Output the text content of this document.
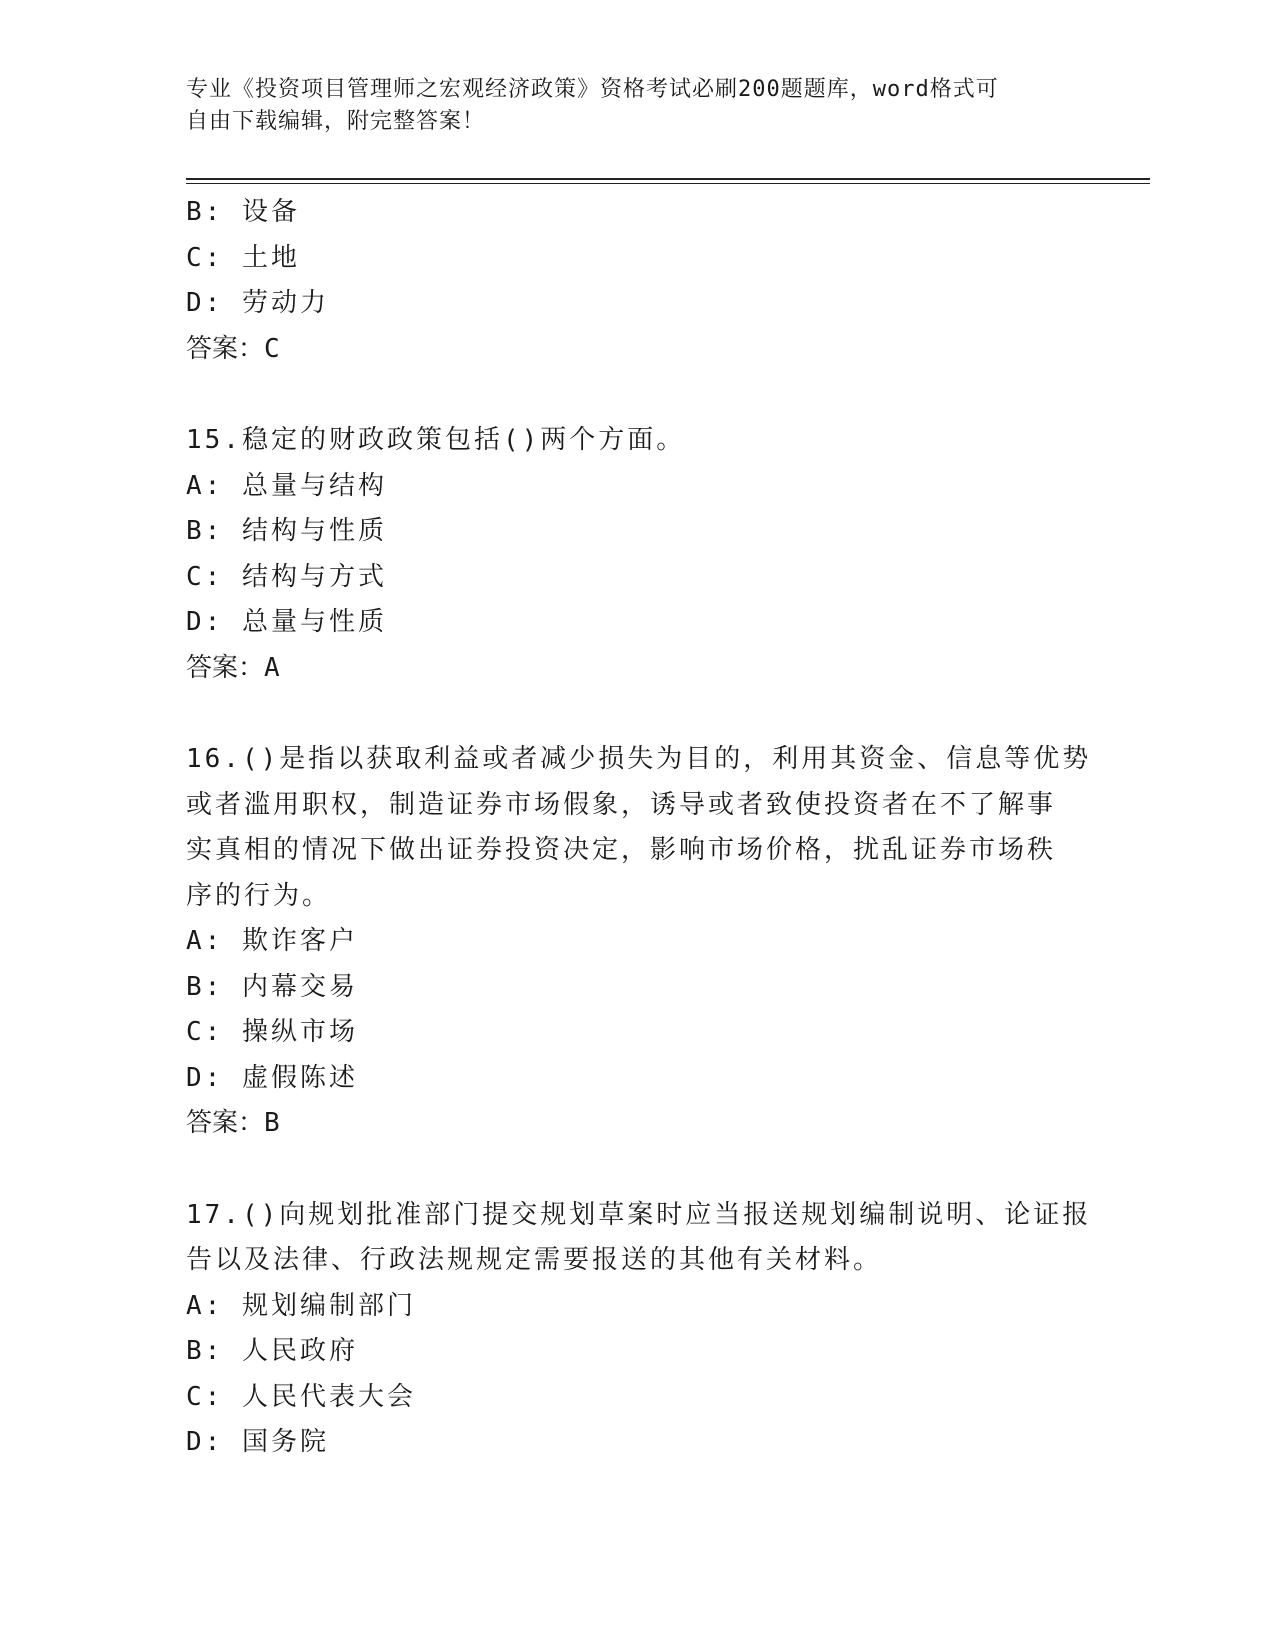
专业《投资项目管理师之宏观经济政策》资格考试必刷200题题库，word格式可
自由下载编辑，附完整答案！
B: 设备
C: 土地
D: 劳动力
答案：C
15.稳定的财政政策包括()两个方面。
A: 总量与结构
B: 结构与性质
C: 结构与方式
D: 总量与性质
答案：A
16.()是指以获取利益或者减少损失为目的，利用其资金、信息等优势
或者滥用职权，制造证券市场假象，诱导或者致使投资者在不了解事
实真相的情况下做出证券投资决定，影响市场价格，扰乱证券市场秩
序的行为。
A: 欺诈客户
B: 内幕交易
C: 操纵市场
D: 虚假陈述
答案：B
17.()向规划批准部门提交规划草案时应当报送规划编制说明、论证报
告以及法律、行政法规规定需要报送的其他有关材料。
A: 规划编制部门
B: 人民政府
C: 人民代表大会
D: 国务院
